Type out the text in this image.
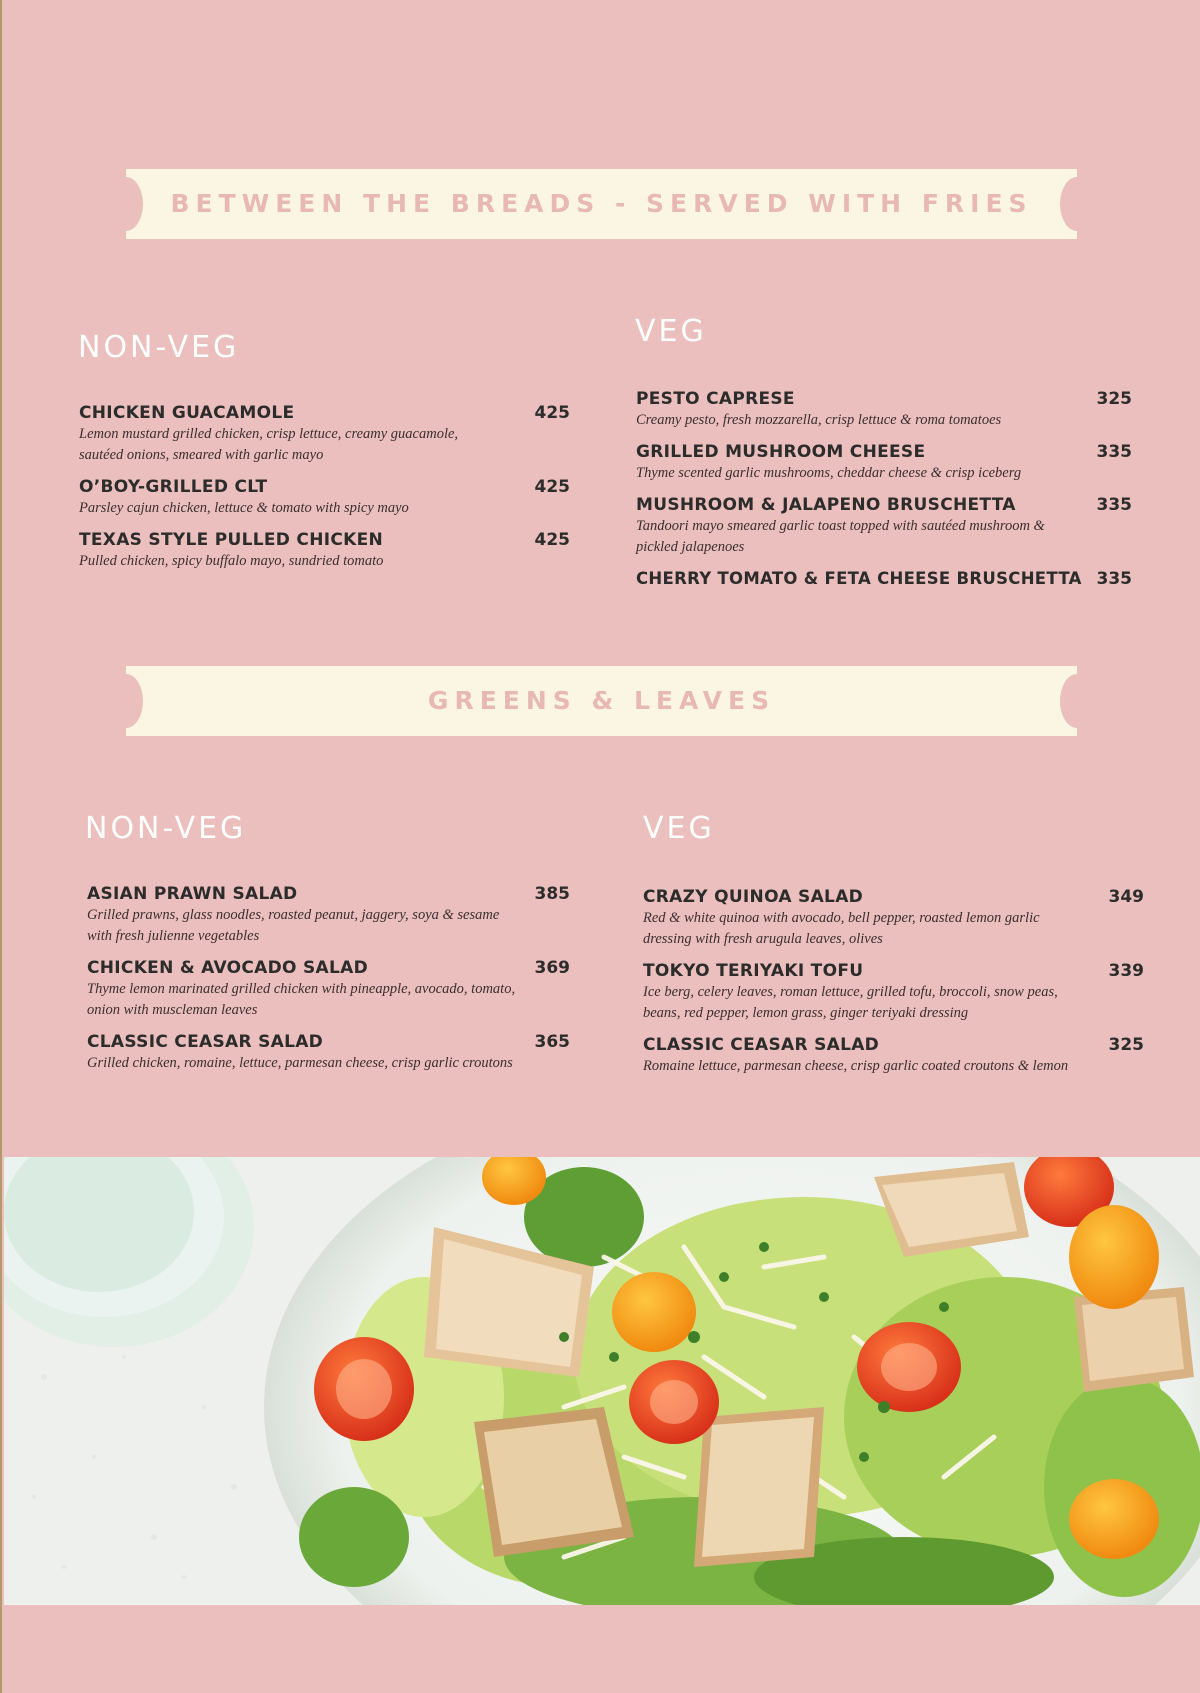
BETWEEN THE BREADS - SERVED WITH FRIES
NON-VEG
CHICKEN GUACAMOLE	425
Lemon mustard grilled chicken, crisp lettuce, creamy guacamole, sautéed onions, smeared with garlic mayo
O’BOY-GRILLED CLT	425
Parsley cajun chicken, lettuce & tomato with spicy mayo
TEXAS STYLE PULLED CHICKEN	425
Pulled chicken, spicy buffalo mayo, sundried tomato
VEG
PESTO CAPRESE	325
Creamy pesto, fresh mozzarella, crisp lettuce & roma tomatoes
GRILLED MUSHROOM CHEESE	335
Thyme scented garlic mushrooms, cheddar cheese & crisp iceberg
MUSHROOM & JALAPENO BRUSCHETTA	335
Tandoori mayo smeared garlic toast topped with sautéed mushroom & pickled jalapenoes
CHERRY TOMATO & FETA CHEESE BRUSCHETTA 335
GREENS & LEAVES
NON-VEG
ASIAN PRAWN SALAD	385
Grilled prawns, glass noodles, roasted peanut, jaggery, soya & sesame with fresh julienne vegetables
CHICKEN & AVOCADO SALAD	369
Thyme lemon marinated grilled chicken with pineapple, avocado, tomato, onion with muscleman leaves
CLASSIC CEASAR SALAD	365
Grilled chicken, romaine, lettuce, parmesan cheese, crisp garlic croutons
VEG
CRAZY QUINOA SALAD	349
Red & white quinoa with avocado, bell pepper, roasted lemon garlic dressing with fresh arugula leaves, olives
TOKYO TERIYAKI TOFU	339
Ice berg, celery leaves, roman lettuce, grilled tofu, broccoli, snow peas, beans, red pepper, lemon grass, ginger teriyaki dressing
CLASSIC CEASAR SALAD	325
Romaine lettuce, parmesan cheese, crisp garlic coated croutons & lemon
